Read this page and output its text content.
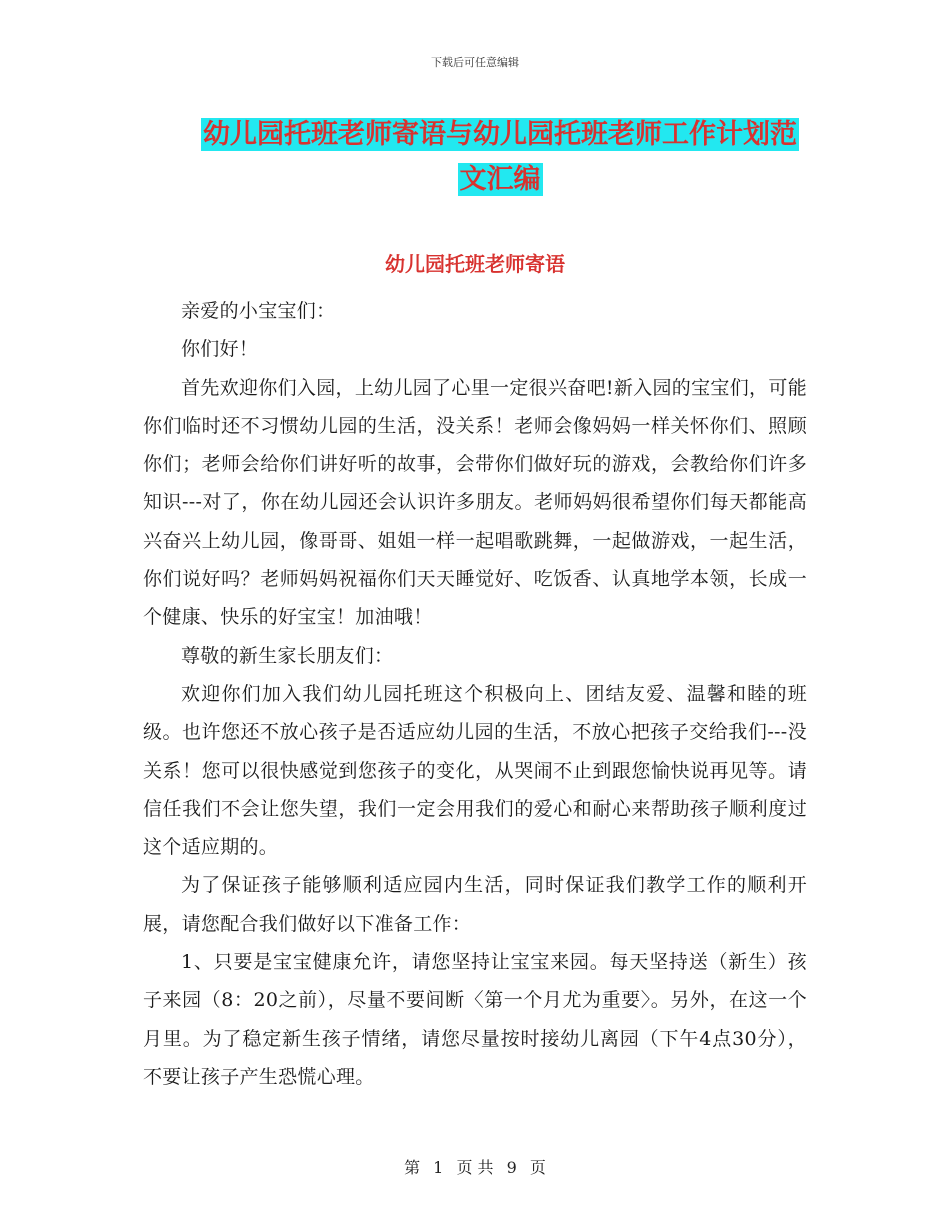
下载后可任意编辑
幼儿园托班老师寄语与幼儿园托班老师工作计划范文汇编
幼儿园托班老师寄语

亲爱的小宝宝们：

你们好！

首先欢迎你们入园，上幼儿园了心里一定很兴奋吧!新入园的宝宝们，可能你们临时还不习惯幼儿园的生活，没关系！老师会像妈妈一样关怀你们、照顾你们；老师会给你们讲好听的故事，会带你们做好玩的游戏，会教给你们许多知识---对了，你在幼儿园还会认识许多朋友。老师妈妈很希望你们每天都能高兴奋兴上幼儿园，像哥哥、姐姐一样一起唱歌跳舞，一起做游戏，一起生活，你们说好吗？老师妈妈祝福你们天天睡觉好、吃饭香、认真地学本领，长成一个健康、快乐的好宝宝！加油哦！

尊敬的新生家长朋友们：

欢迎你们加入我们幼儿园托班这个积极向上、团结友爱、温馨和睦的班级。也许您还不放心孩子是否适应幼儿园的生活，不放心把孩子交给我们---没关系！您可以很快感觉到您孩子的变化，从哭闹不止到跟您愉快说再见等。请信任我们不会让您失望，我们一定会用我们的爱心和耐心来帮助孩子顺利度过这个适应期的。

为了保证孩子能够顺利适应园内生活，同时保证我们教学工作的顺利开展，请您配合我们做好以下准备工作：

1、只要是宝宝健康允许，请您坚持让宝宝来园。每天坚持送（新生）孩子来园（8：20之前），尽量不要间断〈第一个月尤为重要〉。另外，在这一个月里。为了稳定新生孩子情绪，请您尽量按时接幼儿离园（下午4点30分），不要让孩子产生恐慌心理。

第 1 页 共 9 页
